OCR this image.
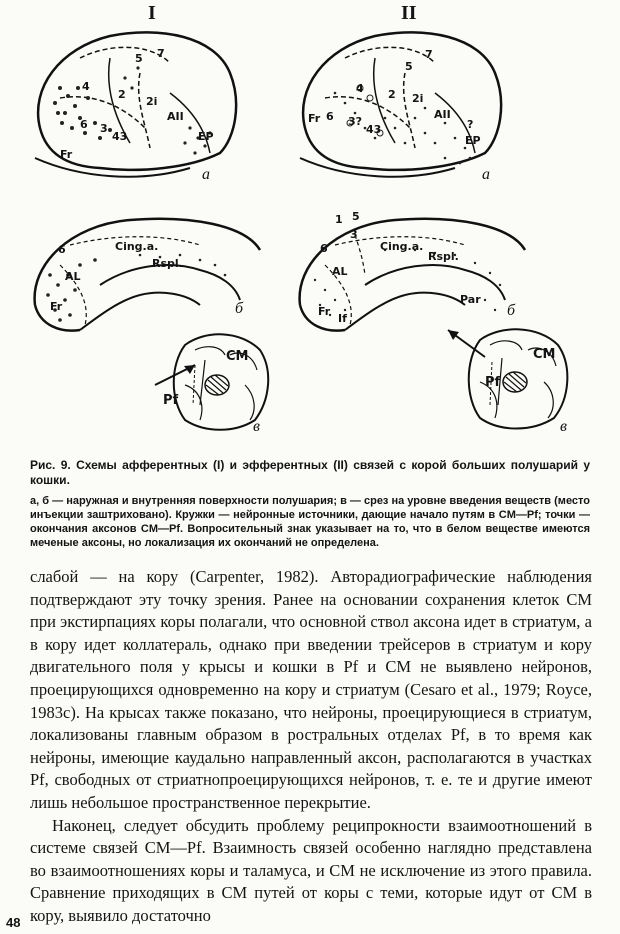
I	II
5 7
4
2
2i
6 3
43
AII
Fr
EP
а
5
7
4 2 2i
Fr 6 3?
43
AII
?
EP
а
6	Cing.a.
Rspl.
AL
Fr	б
1 5
3
6	Cing.a.
Rspl.
AL
Fr
If
Par
б
CM
Pf
в
CM
Pf
в
Рис. 9. Схемы афферентных (I) и эфферентных (II) связей с корой больших полушарий у кошки.
а, б — наружная и внутренняя поверхности полушария; в — срез на уровне введения веществ (место инъекции заштриховано). Кружки — нейронные источники, дающие начало путям в CM—Pf; точки — окончания аксонов CM—Pf. Вопросительный знак указывает на то, что в белом веществе имеются меченые аксоны, но локализация их окончаний не определена.

слабой — на кору (Carpenter, 1982). Авторадиографические наблюдения подтверждают эту точку зрения. Ранее на основании сохранения клеток CM при экстирпациях коры полагали, что основной ствол аксона идет в стриатум, а в кору идет коллатераль, однако при введении трейсеров в стриатум и кору двигательного поля у крысы и кошки в Pf и CM не выявлено нейронов, проецирующихся одновременно на кору и стриатум (Cesaro et al., 1979; Royce, 1983c). На крысах также показано, что нейроны, проецирующиеся в стриатум, локализованы главным образом в ростральных отделах Pf, в то время как нейроны, имеющие каудально направленный аксон, располагаются в участках Pf, свободных от стриатнопроецирующихся нейронов, т. е. те и другие имеют лишь небольшое пространственное перекрытие.

Наконец, следует обсудить проблему реципрокности взаимоотношений в системе связей CM—Pf. Взаимность связей особенно наглядно представлена во взаимоотношениях коры и таламуса, и CM не исключение из этого правила. Сравнение приходящих в CM путей от коры с теми, которые идут от CM в кору, выявило достаточно

48
